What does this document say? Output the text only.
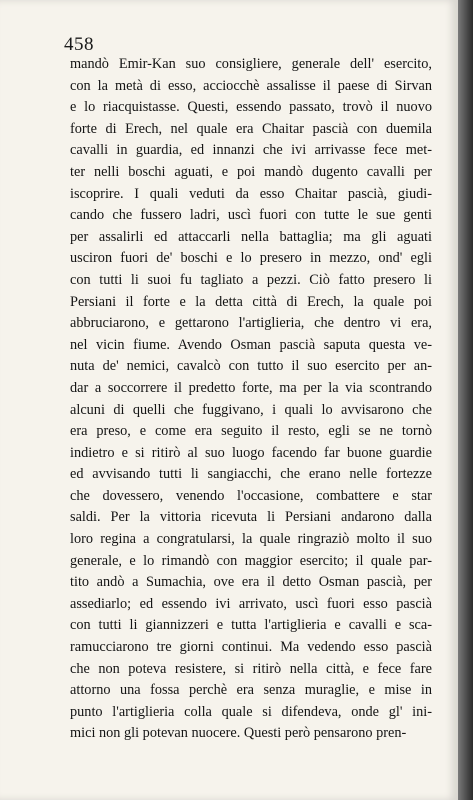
458
mandò Emir-Kan suo consigliere, generale dell' esercito,
con la metà di esso, acciocchè assalisse il paese di Sirvan
e lo riacquistasse. Questi, essendo passato, trovò il nuovo
forte di Erech, nel quale era Chaitar pascià con duemila
cavalli in guardia, ed innanzi che ivi arrivasse fece met-
ter nelli boschi aguati, e poi mandò dugento cavalli per
iscoprire. I quali veduti da esso Chaitar pascià, giudi-
cando che fussero ladri, uscì fuori con tutte le sue genti
per assalirli ed attaccarli nella battaglia; ma gli aguati
usciron fuori de' boschi e lo presero in mezzo, ond' egli
con tutti li suoi fu tagliato a pezzi. Ciò fatto presero li
Persiani il forte e la detta città di Erech, la quale poi
abbruciarono, e gettarono l'artiglieria, che dentro vi era,
nel vicin fiume. Avendo Osman pascià saputa questa ve-
nuta de' nemici, cavalcò con tutto il suo esercito per an-
dar a soccorrere il predetto forte, ma per la via scontrando
alcuni di quelli che fuggivano, i quali lo avvisarono che
era preso, e come era seguito il resto, egli se ne tornò
indietro e si ritirò al suo luogo facendo far buone guardie
ed avvisando tutti li sangiacchi, che erano nelle fortezze
che dovessero, venendo l'occasione, combattere e star
saldi. Per la vittoria ricevuta li Persiani andarono dalla
loro regina a congratularsi, la quale ringraziò molto il suo
generale, e lo rimandò con maggior esercito; il quale par-
tito andò a Sumachia, ove era il detto Osman pascià, per
assediarlo; ed essendo ivi arrivato, uscì fuori esso pascià
con tutti li giannizzeri e tutta l'artiglieria e cavalli e sca-
ramucciarono tre giorni continui. Ma vedendo esso pascià
che non poteva resistere, si ritirò nella città, e fece fare
attorno una fossa perchè era senza muraglie, e mise in
punto l'artiglieria colla quale si difendeva, onde gl' ini-
mici non gli potevan nuocere. Questi però pensarono pren-
